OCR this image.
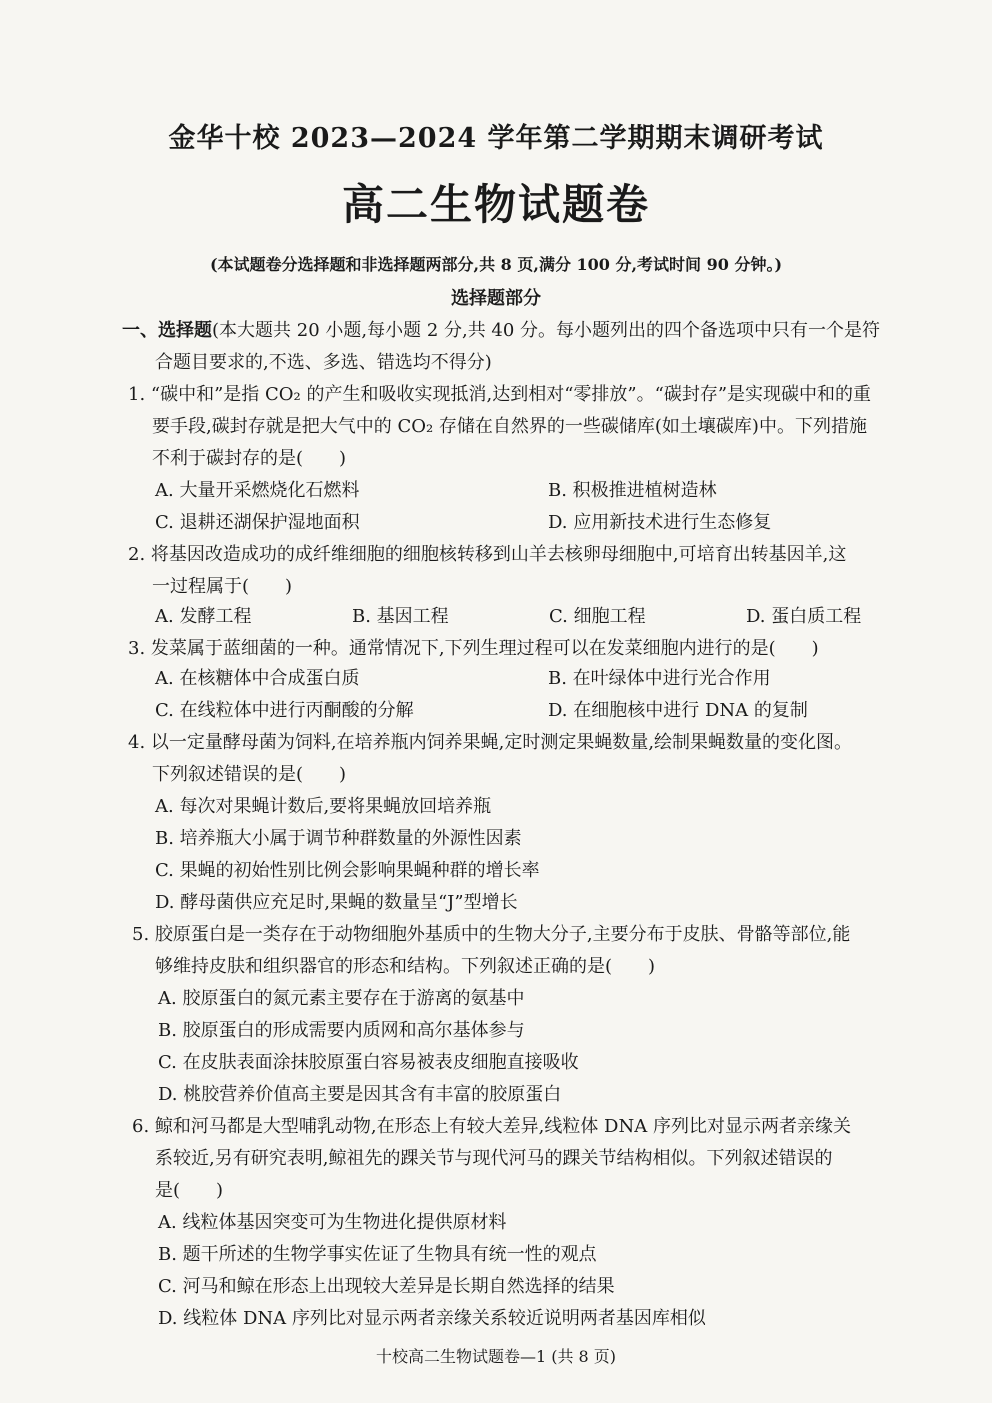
金华十校 2023—2024 学年第二学期期末调研考试
高二生物试题卷
(本试题卷分选择题和非选择题两部分,共 8 页,满分 100 分,考试时间 90 分钟。)
选择题部分
一、选择题(本大题共 20 小题,每小题 2 分,共 40 分。每小题列出的四个备选项中只有一个是符
合题目要求的,不选、多选、错选均不得分)
1. “碳中和”是指 CO₂ 的产生和吸收实现抵消,达到相对“零排放”。“碳封存”是实现碳中和的重
要手段,碳封存就是把大气中的 CO₂ 存储在自然界的一些碳储库(如土壤碳库)中。下列措施
不利于碳封存的是(　　)
A. 大量开采燃烧化石燃料	B. 积极推进植树造林
C. 退耕还湖保护湿地面积	D. 应用新技术进行生态修复
2. 将基因改造成功的成纤维细胞的细胞核转移到山羊去核卵母细胞中,可培育出转基因羊,这
一过程属于(　　)
A. 发酵工程	B. 基因工程	C. 细胞工程	D. 蛋白质工程
3. 发菜属于蓝细菌的一种。通常情况下,下列生理过程可以在发菜细胞内进行的是(　　)
A. 在核糖体中合成蛋白质	B. 在叶绿体中进行光合作用
C. 在线粒体中进行丙酮酸的分解	D. 在细胞核中进行 DNA 的复制
4. 以一定量酵母菌为饲料,在培养瓶内饲养果蝇,定时测定果蝇数量,绘制果蝇数量的变化图。
下列叙述错误的是(　　)
A. 每次对果蝇计数后,要将果蝇放回培养瓶
B. 培养瓶大小属于调节种群数量的外源性因素
C. 果蝇的初始性别比例会影响果蝇种群的增长率
D. 酵母菌供应充足时,果蝇的数量呈“J”型增长
5. 胶原蛋白是一类存在于动物细胞外基质中的生物大分子,主要分布于皮肤、骨骼等部位,能
够维持皮肤和组织器官的形态和结构。下列叙述正确的是(　　)
A. 胶原蛋白的氮元素主要存在于游离的氨基中
B. 胶原蛋白的形成需要内质网和高尔基体参与
C. 在皮肤表面涂抹胶原蛋白容易被表皮细胞直接吸收
D. 桃胶营养价值高主要是因其含有丰富的胶原蛋白
6. 鲸和河马都是大型哺乳动物,在形态上有较大差异,线粒体 DNA 序列比对显示两者亲缘关
系较近,另有研究表明,鲸祖先的踝关节与现代河马的踝关节结构相似。下列叙述错误的
是(　　)
A. 线粒体基因突变可为生物进化提供原材料
B. 题干所述的生物学事实佐证了生物具有统一性的观点
C. 河马和鲸在形态上出现较大差异是长期自然选择的结果
D. 线粒体 DNA 序列比对显示两者亲缘关系较近说明两者基因库相似
十校高二生物试题卷—1 (共 8 页)
